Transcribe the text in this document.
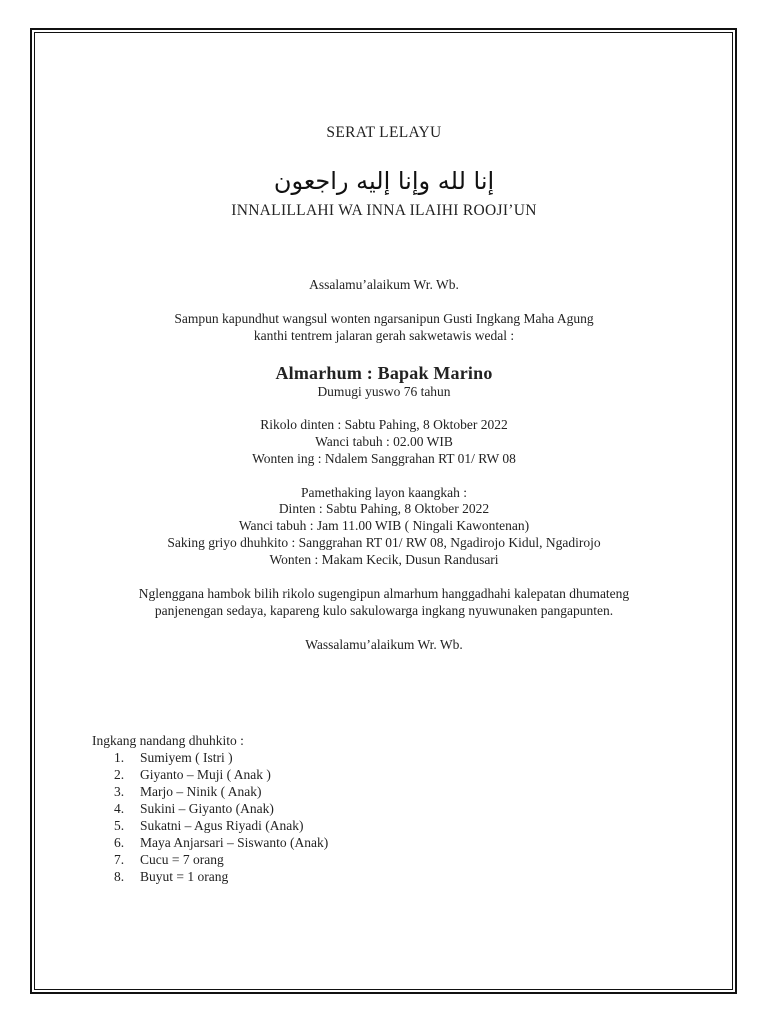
SERAT LELAYU
إنا لله وإنا إليه راجعون
INNALILLAHI WA INNA ILAIHI ROOJI’UN
Assalamu’alaikum Wr. Wb.
Sampun kapundhut wangsul wonten ngarsanipun Gusti Ingkang Maha Agung
kanthi tentrem jalaran gerah sakwetawis wedal :
Almarhum : Bapak Marino
Dumugi yuswo 76 tahun
Rikolo dinten : Sabtu Pahing, 8 Oktober 2022
Wanci tabuh : 02.00 WIB
Wonten ing : Ndalem Sanggrahan RT 01/ RW 08
Pamethaking layon kaangkah :
Dinten : Sabtu Pahing, 8 Oktober 2022
Wanci tabuh : Jam 11.00 WIB ( Ningali Kawontenan)
Saking griyo dhuhkito : Sanggrahan RT 01/ RW 08, Ngadirojo Kidul, Ngadirojo
Wonten : Makam Kecik, Dusun Randusari
Nglenggana hambok bilih rikolo sugengipun almarhum hanggadhahi kalepatan dhumateng
panjenengan sedaya, kapareng kulo sakulowarga ingkang nyuwunaken pangapunten.
Wassalamu’alaikum Wr. Wb.
Ingkang nandang dhuhkito :
1.	Sumiyem ( Istri )
2.	Giyanto – Muji ( Anak )
3.	Marjo – Ninik ( Anak)
4.	Sukini – Giyanto (Anak)
5.	Sukatni – Agus Riyadi (Anak)
6.	Maya Anjarsari – Siswanto (Anak)
7.	Cucu = 7 orang
8.	Buyut = 1 orang
